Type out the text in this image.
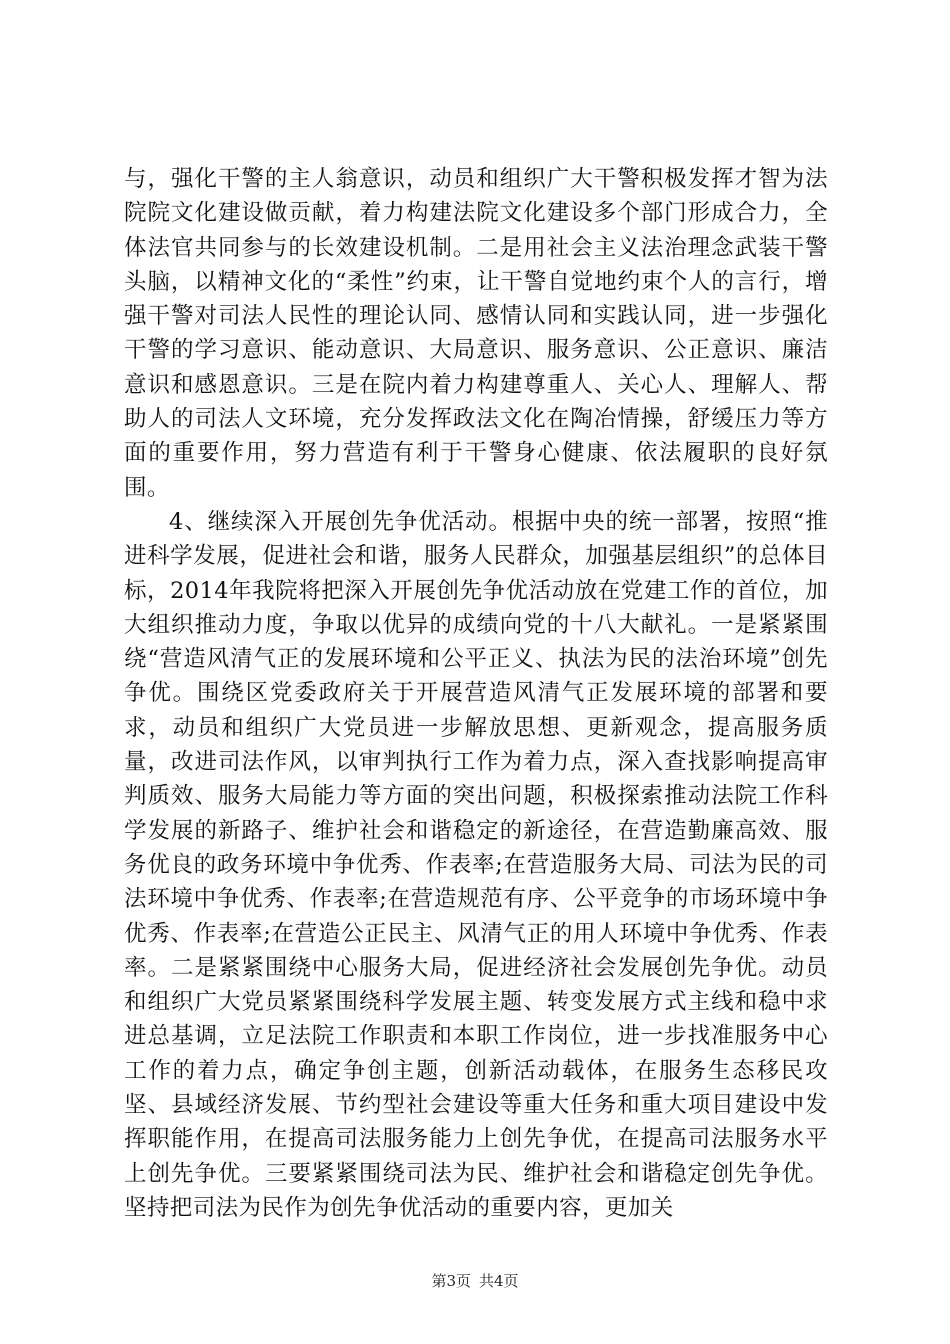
与，强化干警的主人翁意识，动员和组织广大干警积极发挥才智为法院院文化建设做贡献，着力构建法院文化建设多个部门形成合力，全体法官共同参与的长效建设机制。二是用社会主义法治理念武装干警头脑，以精神文化的“柔性”约束，让干警自觉地约束个人的言行，增强干警对司法人民性的理论认同、感情认同和实践认同，进一步强化干警的学习意识、能动意识、大局意识、服务意识、公正意识、廉洁意识和感恩意识。三是在院内着力构建尊重人、关心人、理解人、帮助人的司法人文环境，充分发挥政法文化在陶冶情操，舒缓压力等方面的重要作用，努力营造有利于干警身心健康、依法履职的良好氛围。

4、继续深入开展创先争优活动。根据中央的统一部署，按照“推进科学发展，促进社会和谐，服务人民群众，加强基层组织”的总体目标，2014年我院将把深入开展创先争优活动放在党建工作的首位，加大组织推动力度，争取以优异的成绩向党的十八大献礼。一是紧紧围绕“营造风清气正的发展环境和公平正义、执法为民的法治环境”创先争优。围绕区党委政府关于开展营造风清气正发展环境的部署和要求，动员和组织广大党员进一步解放思想、更新观念，提高服务质量，改进司法作风，以审判执行工作为着力点，深入查找影响提高审判质效、服务大局能力等方面的突出问题，积极探索推动法院工作科学发展的新路子、维护社会和谐稳定的新途径，在营造勤廉高效、服务优良的政务环境中争优秀、作表率;在营造服务大局、司法为民的司法环境中争优秀、作表率;在营造规范有序、公平竞争的市场环境中争优秀、作表率;在营造公正民主、风清气正的用人环境中争优秀、作表率。二是紧紧围绕中心服务大局，促进经济社会发展创先争优。动员和组织广大党员紧紧围绕科学发展主题、转变发展方式主线和稳中求进总基调，立足法院工作职责和本职工作岗位，进一步找准服务中心工作的着力点，确定争创主题，创新活动载体，在服务生态移民攻坚、县域经济发展、节约型社会建设等重大任务和重大项目建设中发挥职能作用，在提高司法服务能力上创先争优，在提高司法服务水平上创先争优。三要紧紧围绕司法为民、维护社会和谐稳定创先争优。坚持把司法为民作为创先争优活动的重要内容，更加关

第3页 共4页
